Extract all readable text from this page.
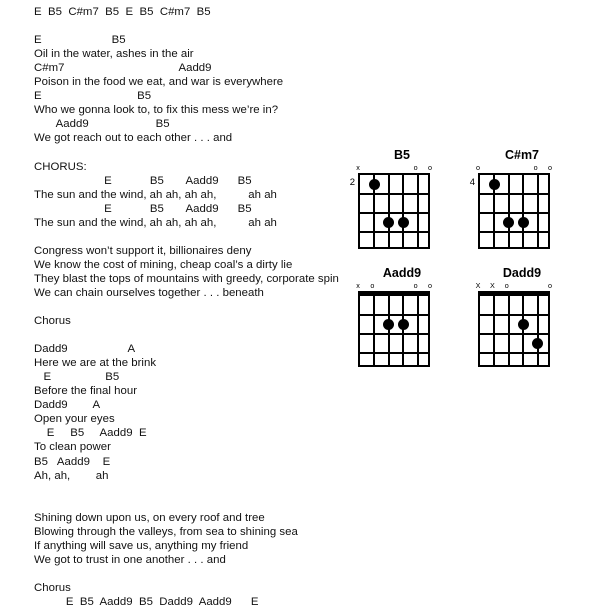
E  B5  C#m7  B5  E  B5  C#m7  B5
E                      B5
Oil in the water, ashes in the air
C#m7                                    Aadd9
Poison in the food we eat, and war is everywhere
E                              B5
Who we gonna look to, to fix this mess we’re in?
Aadd9                     B5
We got reach out to each other . . . and
CHORUS:
E            B5       Aadd9      B5
The sun and the wind, ah ah, ah ah,          ah ah
E            B5       Aadd9      B5
The sun and the wind, ah ah, ah ah,          ah ah
Congress won’t support it, billionaires deny
We know the cost of mining, cheap coal’s a dirty lie
They blast the tops of mountains with greedy, corporate spin
We can chain ourselves together . . . beneath
Chorus
Dadd9                   A
Here we are at the brink
E                 B5
Before the final hour
Dadd9        A
Open your eyes
E     B5     Aadd9  E
To clean power
B5   Aadd9    E
Ah, ah,        ah
Shining down upon us, on every roof and tree
Blowing through the valleys, from sea to shining sea
If anything will save us, anything my friend
We got to trust in one another . . . and
Chorus
E  B5  Aadd9  B5  Dadd9  Aadd9      E
B5
x	o o
2
C#m7
o	o o
4
Aadd9
x o	o o
Dadd9
X X o	o
